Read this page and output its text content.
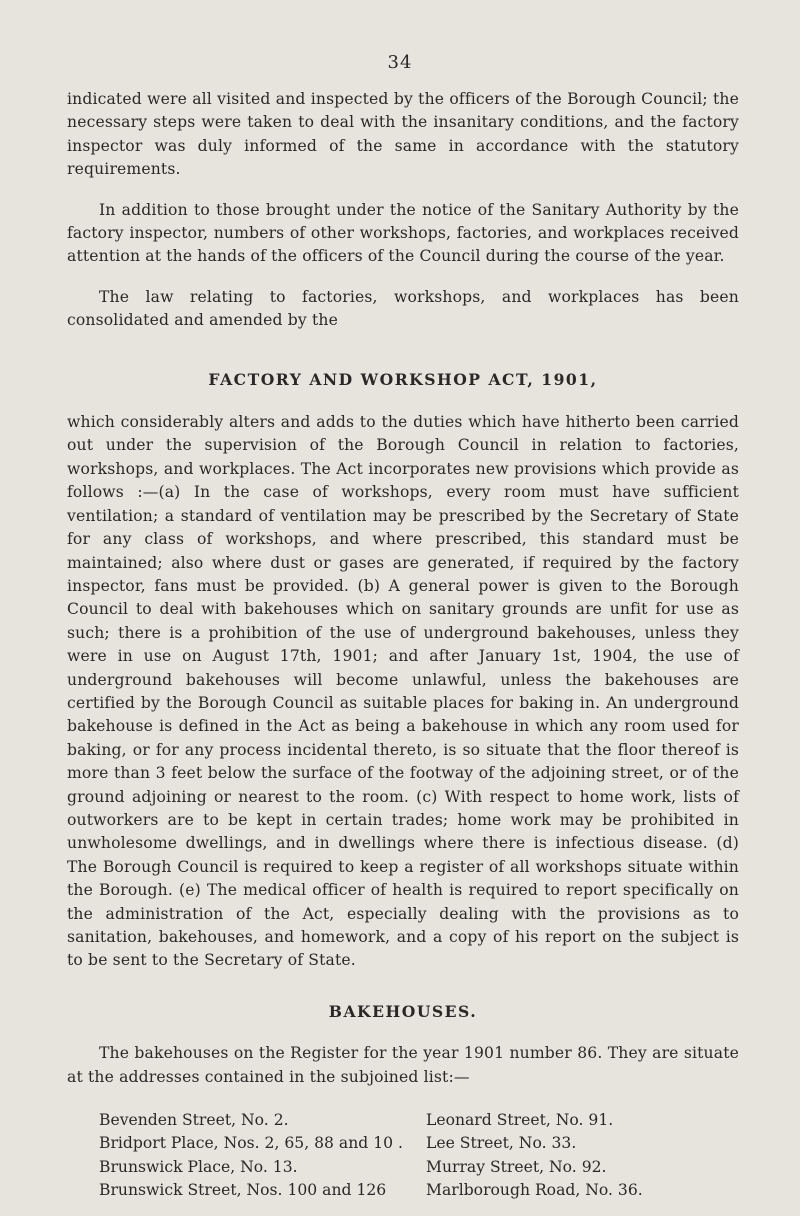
34

indicated were all visited and inspected by the officers of the Borough Council; the necessary steps were taken to deal with the insanitary conditions, and the factory inspector was duly informed of the same in accordance with the statutory requirements.

In addition to those brought under the notice of the Sanitary Authority by the factory inspector, numbers of other workshops, factories, and workplaces received attention at the hands of the officers of the Council during the course of the year.

The law relating to factories, workshops, and workplaces has been consolidated and amended by the

FACTORY AND WORKSHOP ACT, 1901,

which considerably alters and adds to the duties which have hitherto been carried out under the supervision of the Borough Council in relation to factories, workshops, and workplaces. The Act incorporates new provisions which provide as follows :—(a) In the case of workshops, every room must have sufficient ventilation; a standard of ventilation may be prescribed by the Secretary of State for any class of workshops, and where prescribed, this standard must be maintained; also where dust or gases are generated, if required by the factory inspector, fans must be provided. (b) A general power is given to the Borough Council to deal with bakehouses which on sanitary grounds are unfit for use as such; there is a prohibition of the use of underground bakehouses, unless they were in use on August 17th, 1901; and after January 1st, 1904, the use of underground bakehouses will become unlawful, unless the bakehouses are certified by the Borough Council as suitable places for baking in. An underground bakehouse is defined in the Act as being a bakehouse in which any room used for baking, or for any process incidental thereto, is so situate that the floor thereof is more than 3 feet below the surface of the footway of the adjoining street, or of the ground adjoining or nearest to the room. (c) With respect to home work, lists of outworkers are to be kept in certain trades; home work may be prohibited in unwholesome dwellings, and in dwellings where there is infectious disease. (d) The Borough Council is required to keep a register of all workshops situate within the Borough. (e) The medical officer of health is required to report specifically on the administration of the Act, especially dealing with the provisions as to sanitation, bakehouses, and homework, and a copy of his report on the subject is to be sent to the Secretary of State.

BAKEHOUSES.

The bakehouses on the Register for the year 1901 number 86. They are situate at the addresses contained in the subjoined list:—

Bevenden Street, No. 2.	Leonard Street, No. 91.
Bridport Place, Nos. 2, 65, 88 and 10 .	Lee Street, No. 33.
Brunswick Place, No. 13.	Murray Street, No. 92.
Brunswick Street, Nos. 100 and 126	Marlborough Road, No. 36.
